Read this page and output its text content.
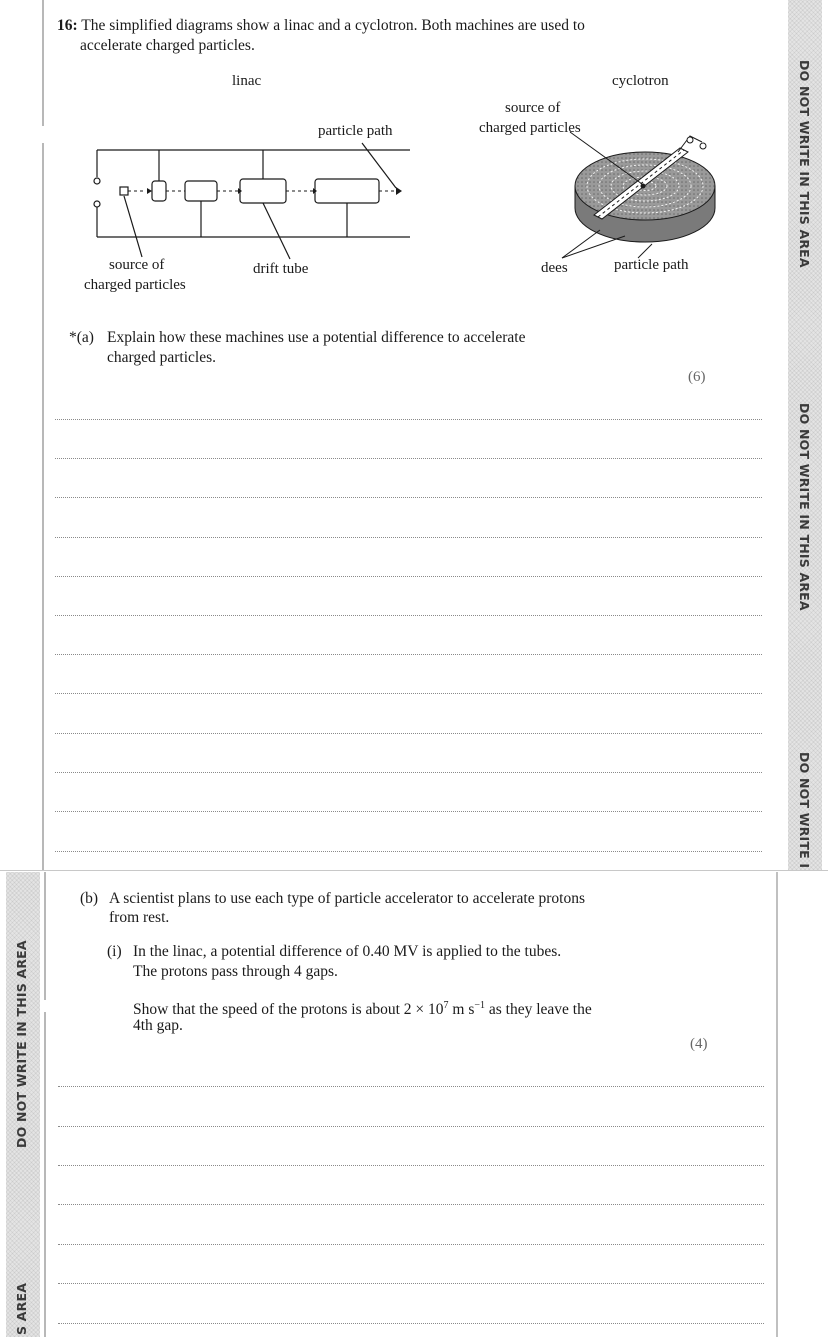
DO NOT WRITE IN THIS AREA
DO NOT WRITE IN THIS AREA
DO NOT WRITE I
DO NOT WRITE IN THIS AREA
S AREA
16: The simplified diagrams show a linac and a cyclotron. Both machines are used to
accelerate charged particles.
linac	cyclotron
particle path
source of
charged particles
source of
charged particles
drift tube	dees	particle path
*(a) Explain how these machines use a potential difference to accelerate
charged particles.
(6)
(b) A scientist plans to use each type of particle accelerator to accelerate protons
from rest.
(i) In the linac, a potential difference of 0.40 MV is applied to the tubes.
The protons pass through 4 gaps.
Show that the speed of the protons is about $2 \times 10^7$ m $s^{-1}$ as they leave the
4th gap.
(4)
